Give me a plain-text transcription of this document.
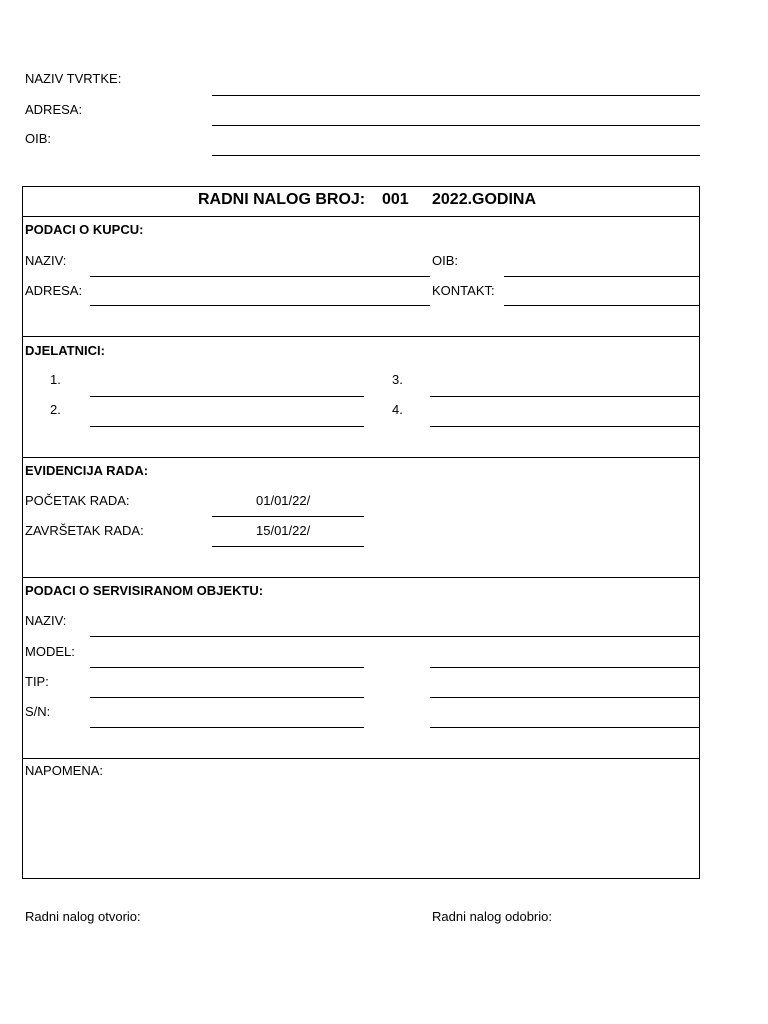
NAZIV TVRTKE:
ADRESA:
OIB:
RADNI NALOG BROJ: 001 2022.GODINA
PODACI O KUPCU:
NAZIV:	OIB:
ADRESA:	KONTAKT:
DJELATNICI:
1.	3.
2.	4.
EVIDENCIJA RADA:
POČETAK RADA:	01/01/22/
ZAVRŠETAK RADA:	15/01/22/
PODACI O SERVISIRANOM OBJEKTU:
NAZIV:
MODEL:
TIP:
S/N:
NAPOMENA:
Radni nalog otvorio:	Radni nalog odobrio:
